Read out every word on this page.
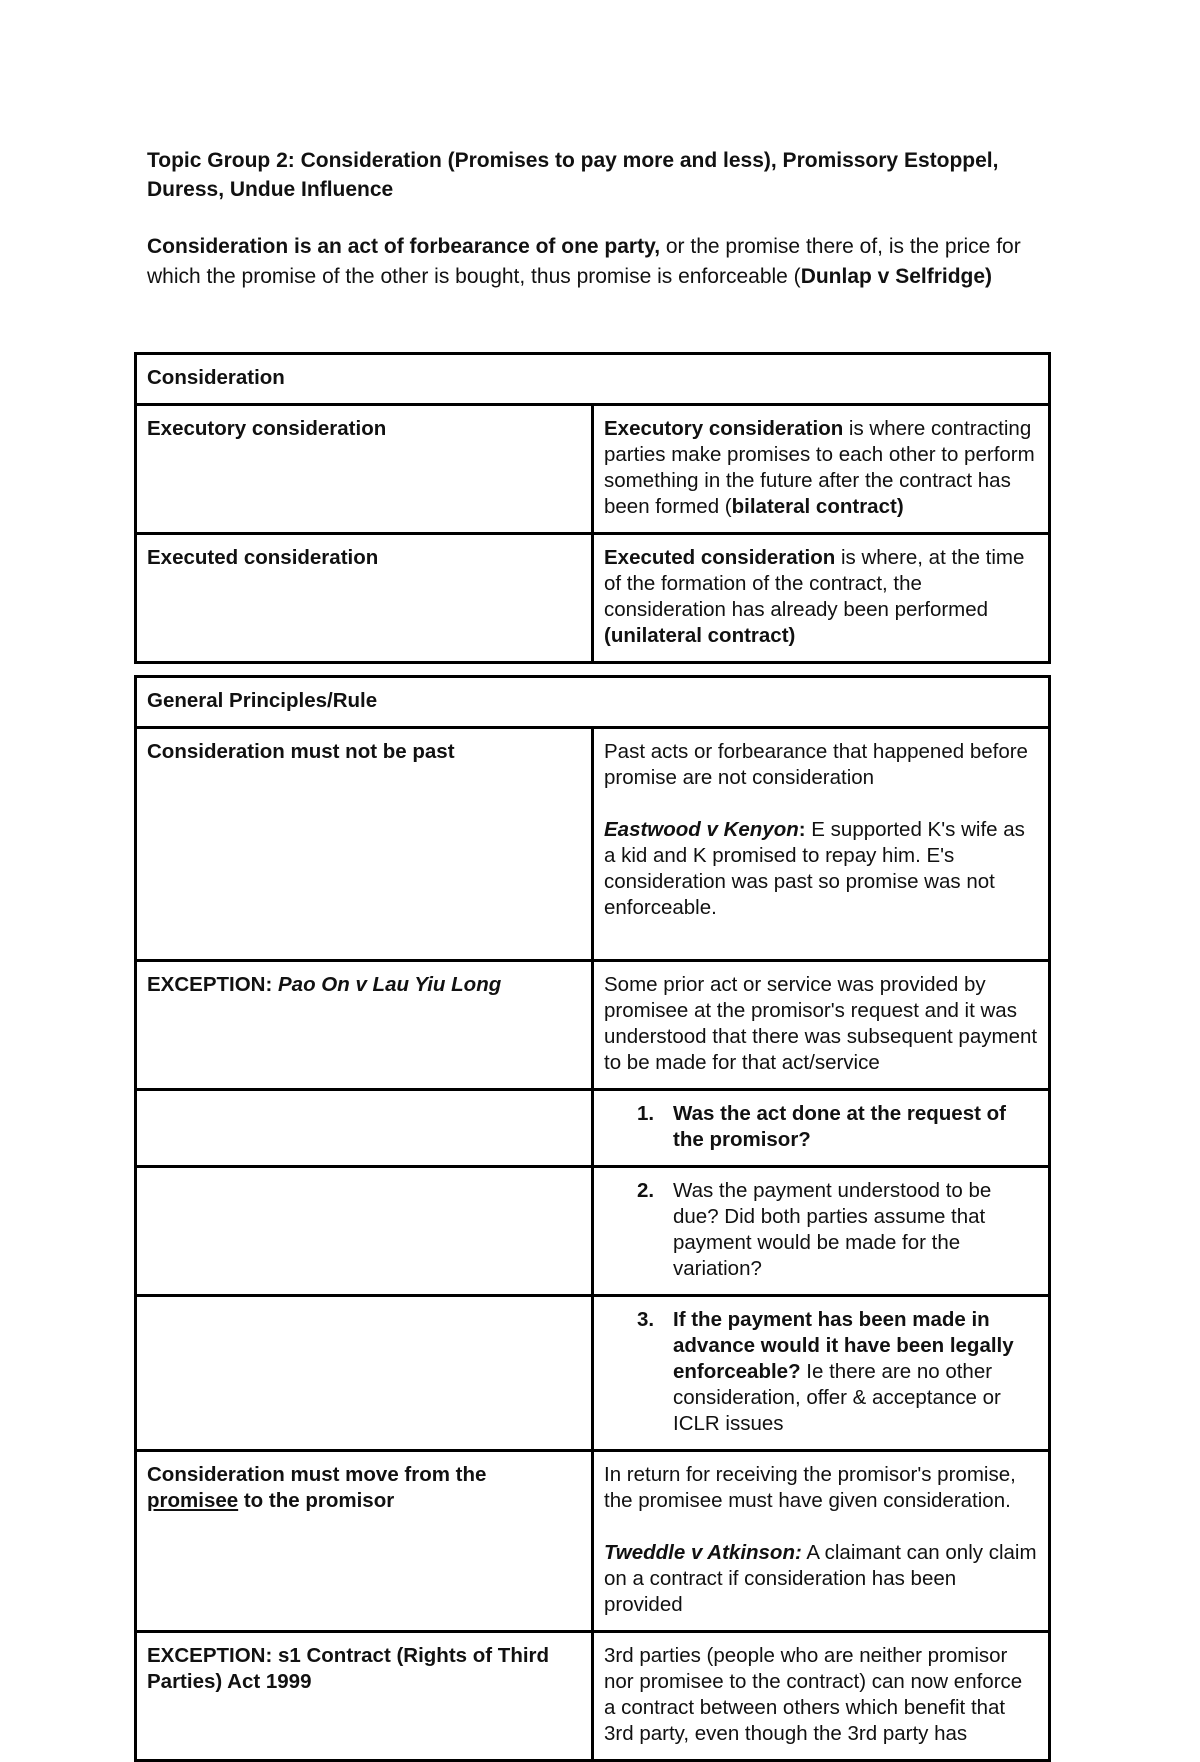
Topic Group 2: Consideration (Promises to pay more and less), Promissory Estoppel, Duress, Undue Influence
Consideration is an act of forbearance of one party, or the promise there of, is the price for which the promise of the other is bought, thus promise is enforceable (Dunlap v Selfridge)
Consideration	
Executory consideration	Executory consideration is where contracting parties make promises to each other to perform something in the future after the contract has been formed (bilateral contract)
Executed consideration	Executed consideration is where, at the time of the formation of the contract, the consideration has already been performed (unilateral contract)
General Principles/Rule	
Consideration must not be past	Past acts or forbearance that happened before promise are not consideration
Eastwood v Kenyon: E supported K's wife as a kid and K promised to repay him. E's consideration was past so promise was not enforceable.

EXCEPTION: Pao On v Lau Yiu Long	Some prior act or service was provided by promisee at the promisor's request and it was understood that there was subsequent payment to be made for that act/service

	1. Was the act done at the request of the promisor?

	2. Was the payment understood to be due? Did both parties assume that payment would be made for the variation?

	3. If the payment has been made in advance would it have been legally enforceable? Ie there are no other consideration, offer & acceptance or ICLR issues

Consideration must move from the promisee to the promisor	In return for receiving the promisor's promise, the promisee must have given consideration.
Tweddle v Atkinson: A claimant can only claim on a contract if consideration has been provided

EXCEPTION: s1 Contract (Rights of Third Parties) Act 1999	3rd parties (people who are neither promisor nor promisee to the contract) can now enforce a contract between others which benefit that 3rd party, even though the 3rd party has
